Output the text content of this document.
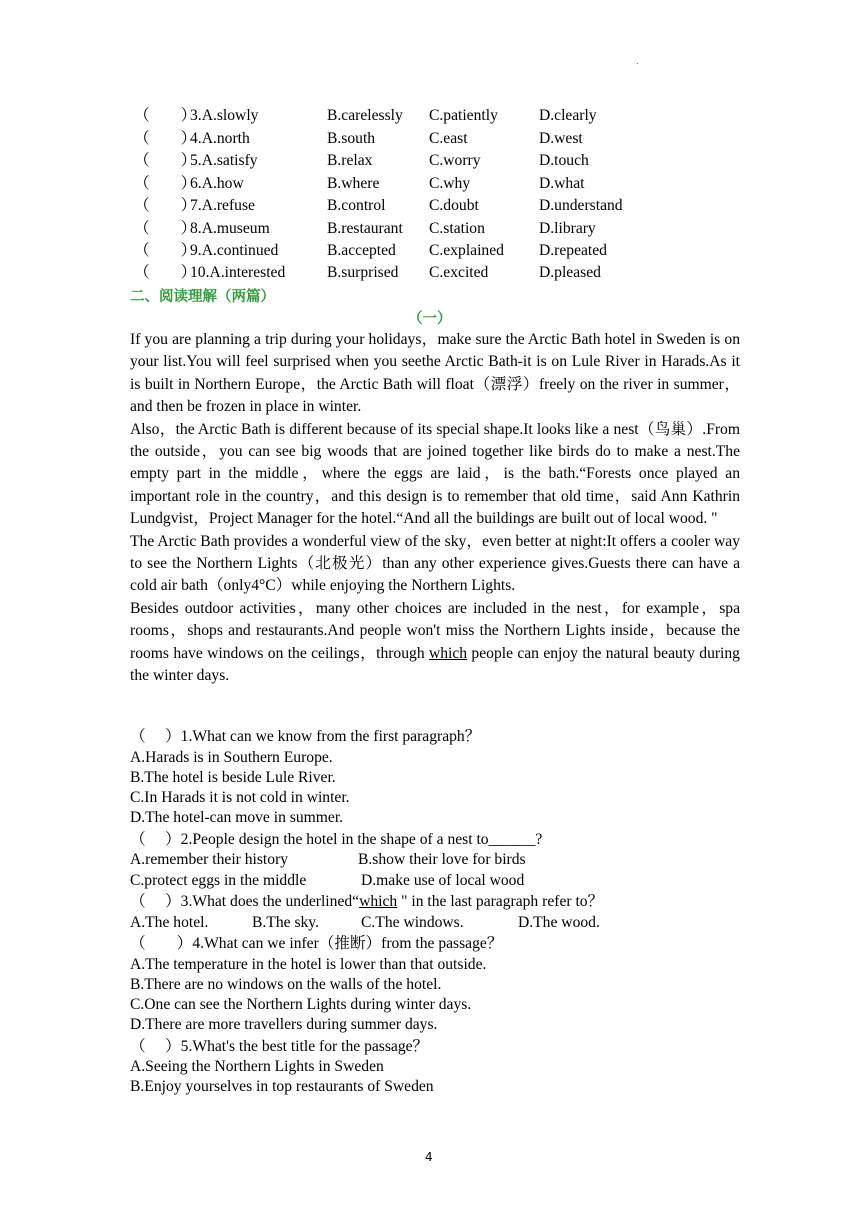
.
（　　）
3.A.slowly	B.carelessly C.patiently	D.clearly
（　　）
4.A.north	B.south	C.east	D.west
（　　）
5.A.satisfy	B.relax	C.worry	D.touch
（　　）
6.A.how	B.where	C.why	D.what
（　　）
7.A.refuse	B.control	C.doubt	D.understand
（　　）
8.A.museum	B.restaurant C.station	D.library
（　　）
9.A.continued	B.accepted C.explained D.repeated
（　　）
10.A.interested	B.surprised C.excited	D.pleased
二、阅读理解（两篇）
（一）

If you are planning a trip during your holidays，make sure the Arctic Bath hotel in Sweden is on your list.You will feel surprised when you seethe Arctic Bath-it is on Lule River in Harads.As it is built in Northern Europe，the Arctic Bath will float（漂浮）freely on the river in summer，and then be frozen in place in winter.

Also，the Arctic Bath is different because of its special shape.It looks like a nest（鸟巢）.From the outside，you can see big woods that are joined together like birds do to make a nest.The empty part in the middle，where the eggs are laid，is the bath.“Forests once played an important role in the country，and this design is to remember that old time，said Ann Kathrin Lundgvist，Project Manager for the hotel.“And all the buildings are built out of local wood. "

The Arctic Bath provides a wonderful view of the sky，even better at night:It offers a cooler way to see the Northern Lights（北极光）than any other experience gives.Guests there can have a cold air bath（only4°C）while enjoying the Northern Lights.

Besides outdoor activities，many other choices are included in the nest，for example，spa rooms，shops and restaurants.And people won't miss the Northern Lights inside，because the rooms have windows on the ceilings，through which people can enjoy the natural beauty during the winter days.

（　 ）1.What can we know from the first paragraph？
A.Harads is in Southern Europe.
B.The hotel is beside Lule River.
C.In Harads it is not cold in winter.
D.The hotel-can move in summer.
（　 ）2.People design the hotel in the shape of a nest to______?
A.remember their history	B.show their love for birds
C.protect eggs in the middle	D.make use of local wood
（　 ）3.What does the underlined“which " in the last paragraph refer to？
A.The hotel.	B.The sky.	C.The windows.	D.The wood.
（　　）4.What can we infer（推断）from the passage？
A.The temperature in the hotel is lower than that outside.
B.There are no windows on the walls of the hotel.
C.One can see the Northern Lights during winter days.
D.There are more travellers during summer days.
（　 ）5.What's the best title for the passage？
A.Seeing the Northern Lights in Sweden
B.Enjoy yourselves in top restaurants of Sweden
4
